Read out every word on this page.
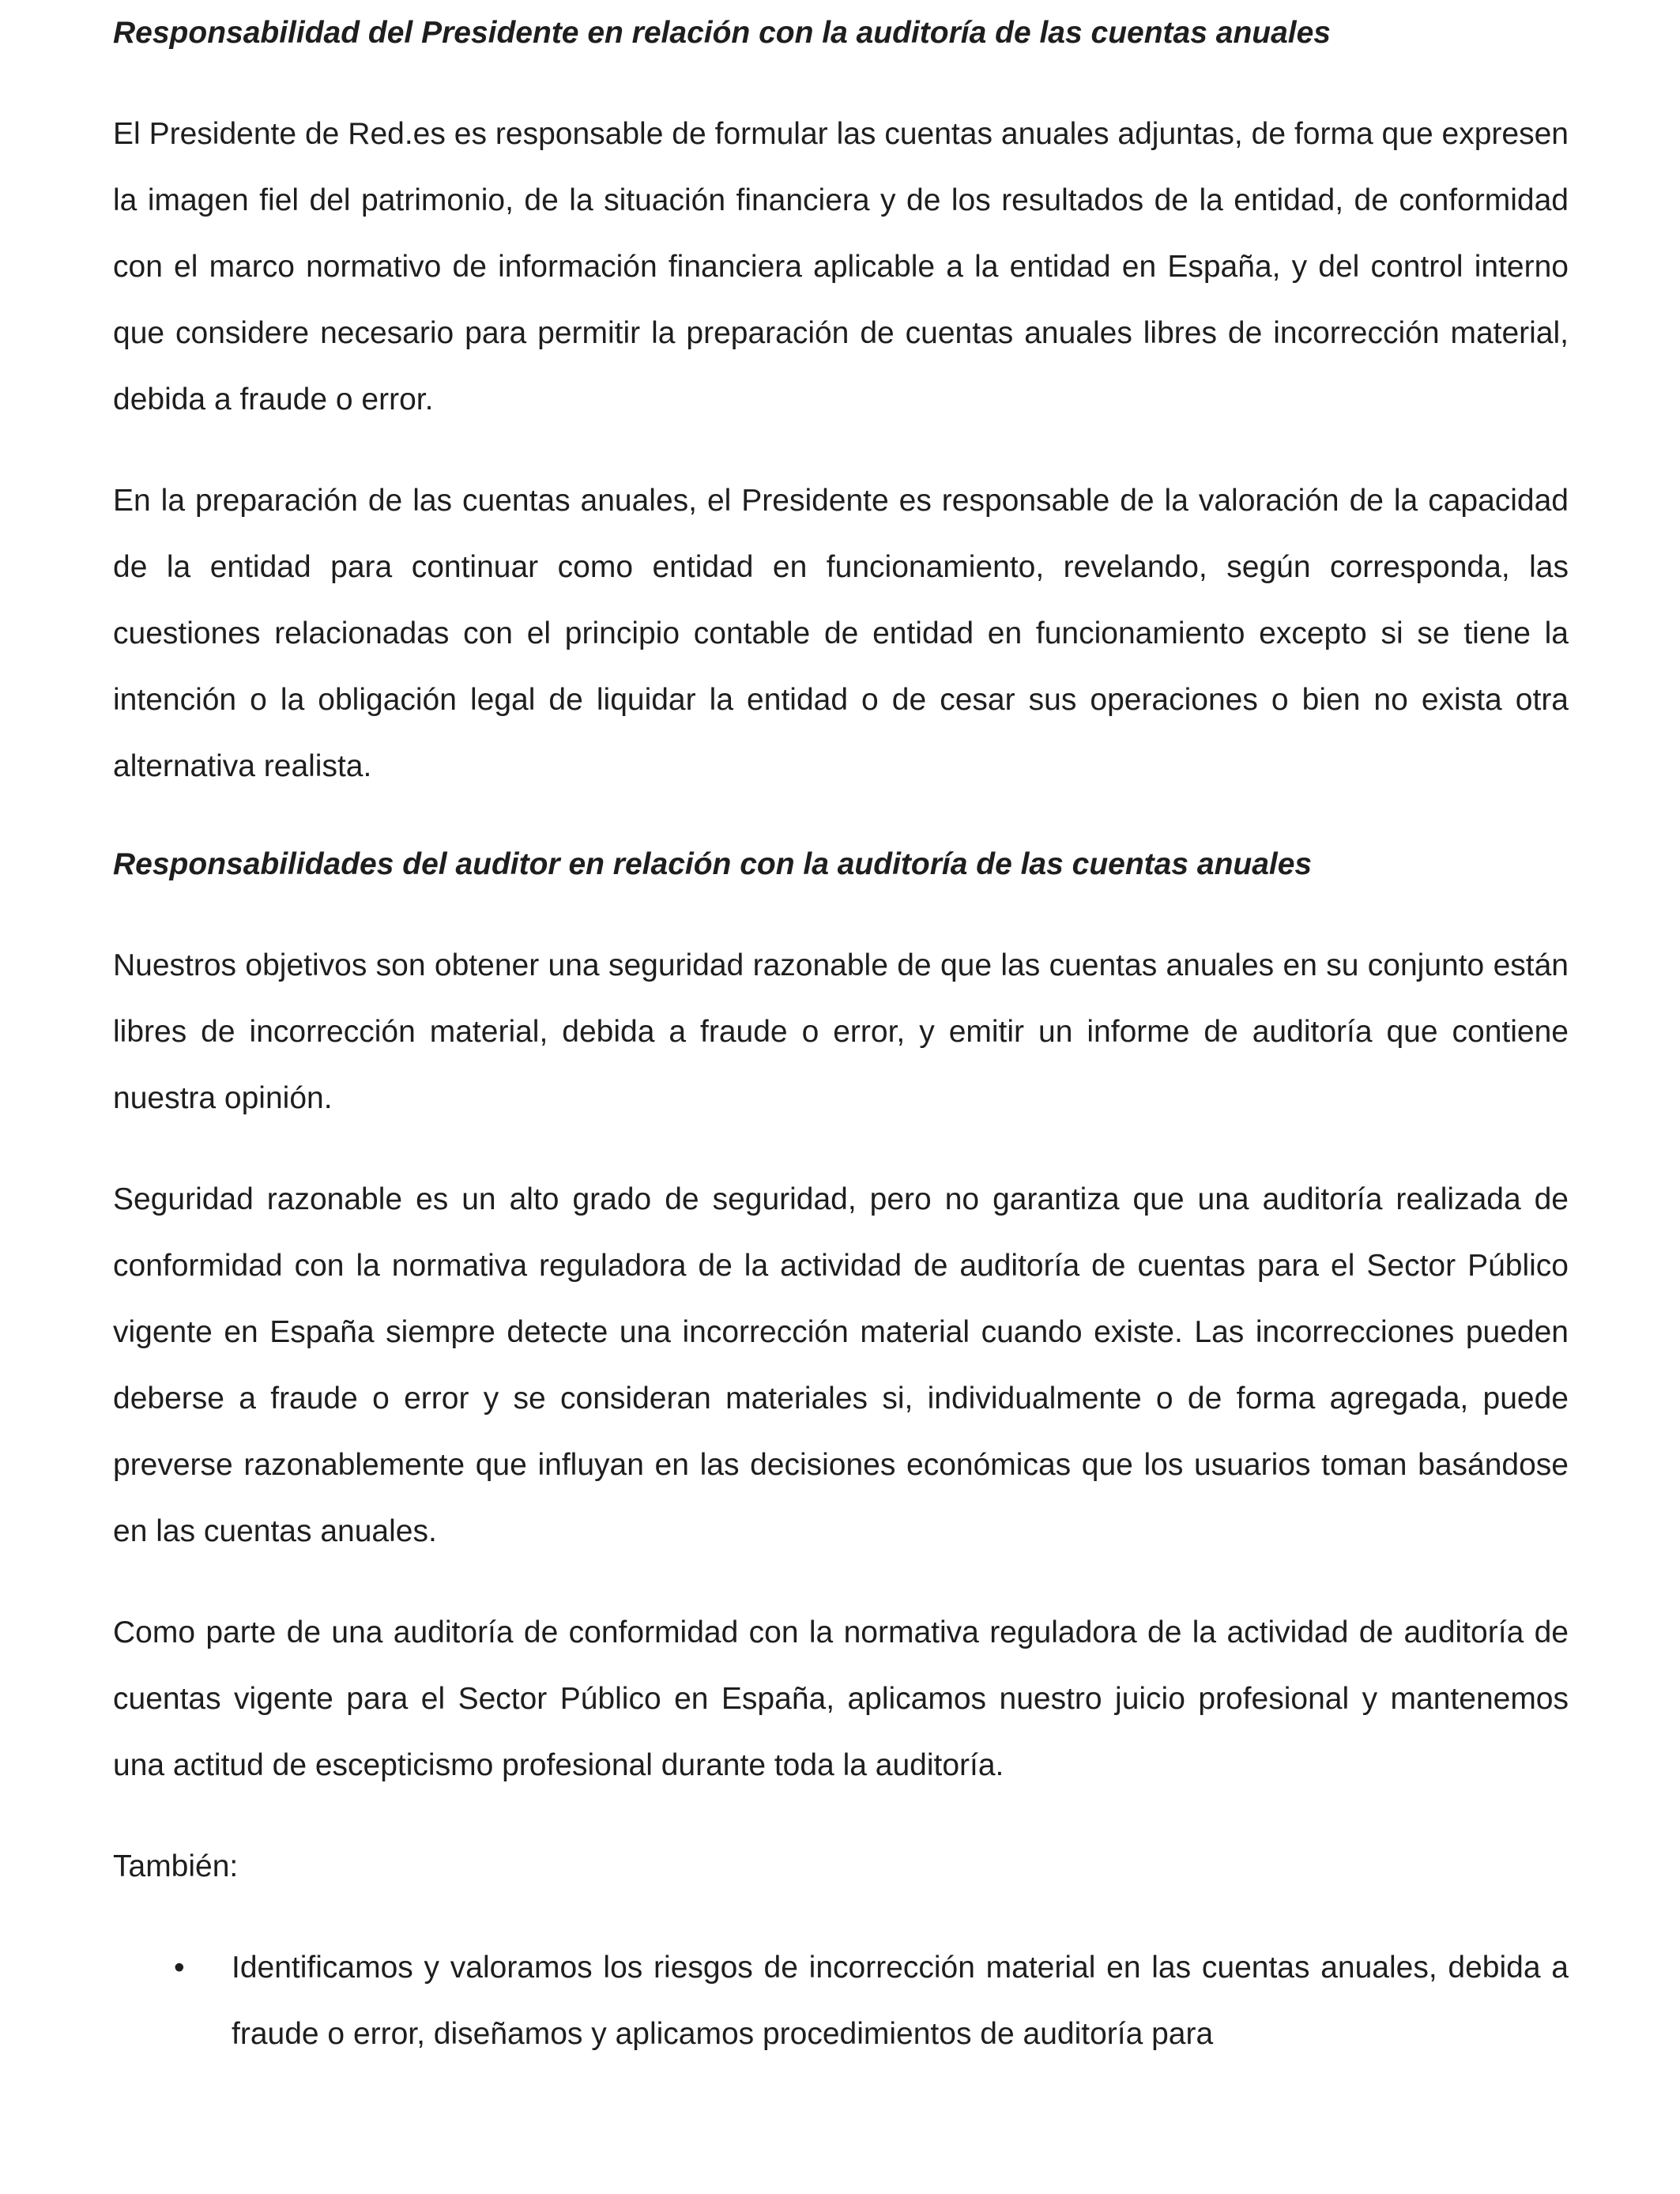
Responsabilidad del Presidente en relación con la auditoría de las cuentas anuales

El Presidente de Red.es es responsable de formular las cuentas anuales adjuntas, de forma que expresen la imagen fiel del patrimonio, de la situación financiera y de los resultados de la entidad, de conformidad con el marco normativo de información financiera aplicable a la entidad en España, y del control interno que considere necesario para permitir la preparación de cuentas anuales libres de incorrección material, debida a fraude o error.

En la preparación de las cuentas anuales, el Presidente es responsable de la valoración de la capacidad de la entidad para continuar como entidad en funcionamiento, revelando, según corresponda, las cuestiones relacionadas con el principio contable de entidad en funcionamiento excepto si se tiene la intención o la obligación legal de liquidar la entidad o de cesar sus operaciones o bien no exista otra alternativa realista.

Responsabilidades del auditor en relación con la auditoría de las cuentas anuales

Nuestros objetivos son obtener una seguridad razonable de que las cuentas anuales en su conjunto están libres de incorrección material, debida a fraude o error, y emitir un informe de auditoría que contiene nuestra opinión.

Seguridad razonable es un alto grado de seguridad, pero no garantiza que una auditoría realizada de conformidad con la normativa reguladora de la actividad de auditoría de cuentas para el Sector Público vigente en España siempre detecte una incorrección material cuando existe. Las incorrecciones pueden deberse a fraude o error y se consideran materiales si, individualmente o de forma agregada, puede preverse razonablemente que influyan en las decisiones económicas que los usuarios toman basándose en las cuentas anuales.

Como parte de una auditoría de conformidad con la normativa reguladora de la actividad de auditoría de cuentas vigente para el Sector Público en España, aplicamos nuestro juicio profesional y mantenemos una actitud de escepticismo profesional durante toda la auditoría.

También:

• Identificamos y valoramos los riesgos de incorrección material en las cuentas anuales, debida a fraude o error, diseñamos y aplicamos procedimientos de auditoría para
